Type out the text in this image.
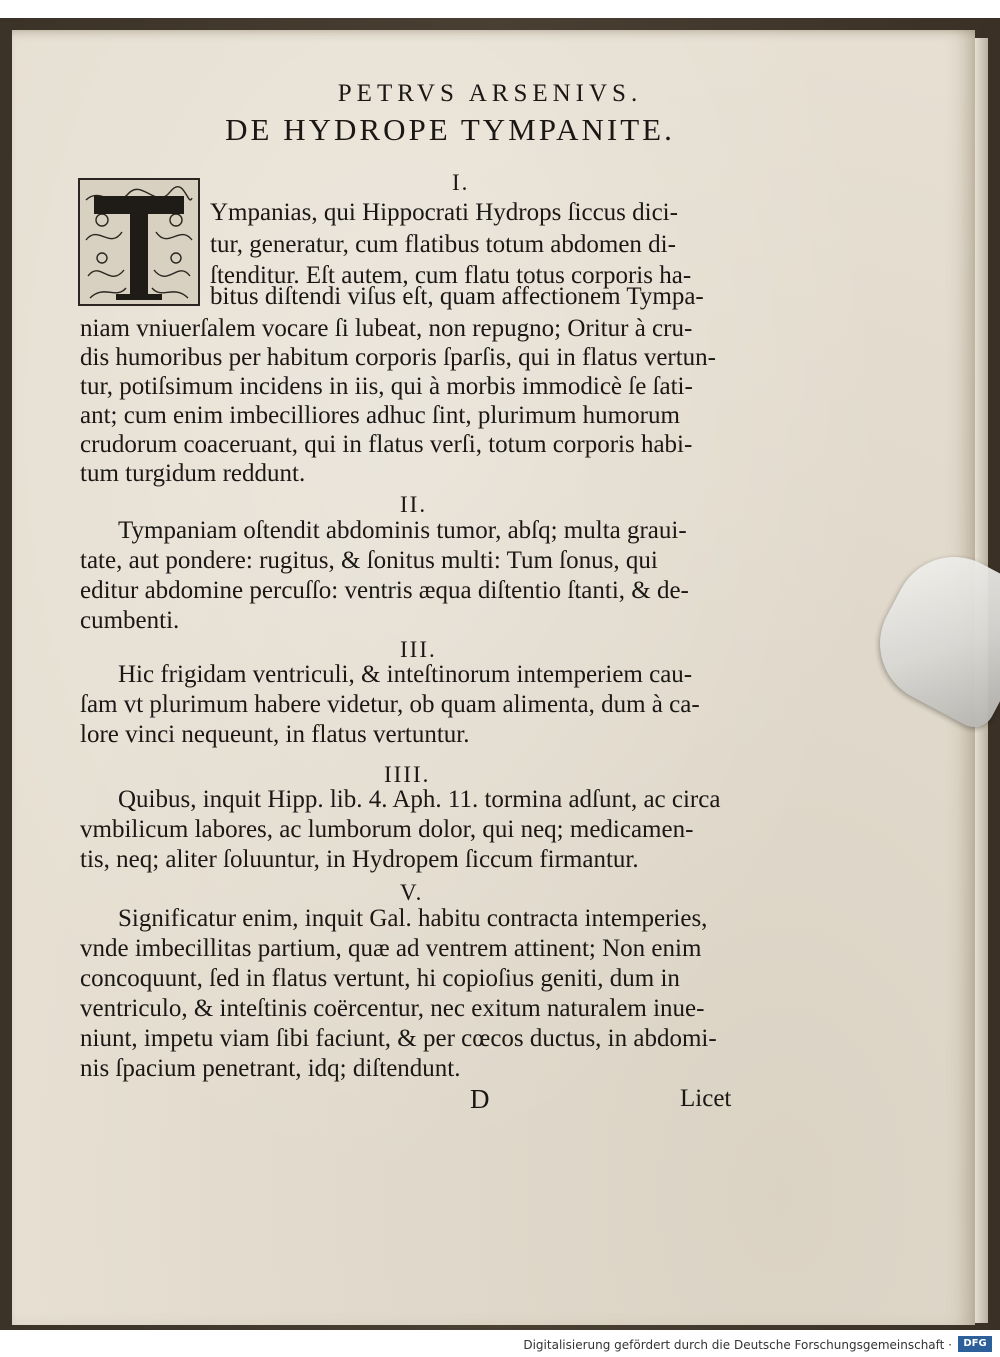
PETRVS ARSENIVS.
DE HYDROPE TYMPANITE.
I.
Ympanias, qui Hippocrati Hydrops ſiccus dici-
tur, generatur, cum flatibus totum abdomen di-
ſtenditur. Eſt autem, cum flatu totus corporis ha-
bitus diſtendi viſus eſt, quam affectionem Tympa-
niam vniuerſalem vocare ſi lubeat, non repugno; Oritur à cru-
dis humoribus per habitum corporis ſparſis, qui in flatus vertun-
tur, potiſsimum incidens in iis, qui à morbis immodicè ſe ſati-
ant; cum enim imbecilliores adhuc ſint, plurimum humorum
crudorum coaceruant, qui in flatus verſi, totum corporis habi-
tum turgidum reddunt.
II.
Tympaniam oſtendit abdominis tumor, abſq; multa graui-
tate, aut pondere: rugitus, & ſonitus multi: Tum ſonus, qui
editur abdomine percuſſo: ventris æqua diſtentio ſtanti, & de-
cumbenti.
III.
Hic frigidam ventriculi, & inteſtinorum intemperiem cau-
ſam vt plurimum habere videtur, ob quam alimenta, dum à ca-
lore vinci nequeunt, in flatus vertuntur.
IIII.
Quibus, inquit Hipp. lib. 4. Aph. 11. tormina adſunt, ac circa
vmbilicum labores, ac lumborum dolor, qui neq; medicamen-
tis, neq; aliter ſoluuntur, in Hydropem ſiccum firmantur.
V.
Significatur enim, inquit Gal. habitu contracta intemperies,
vnde imbecillitas partium, quæ ad ventrem attinent; Non enim
concoquunt, ſed in flatus vertunt, hi copioſius geniti, dum in
ventriculo, & inteſtinis coërcentur, nec exitum naturalem inue-
niunt, impetu viam ſibi faciunt, & per cœcos ductus, in abdomi-
nis ſpacium penetrant, idq; diſtendunt.
D	Licet
Digitalisierung gefördert durch die Deutsche Forschungsgemeinschaft ·	DFG
